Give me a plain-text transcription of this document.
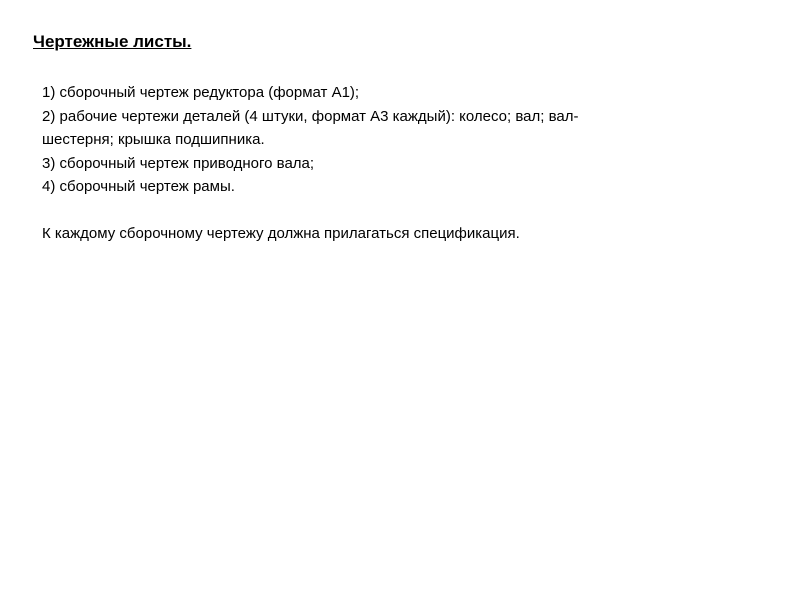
Чертежные листы.
1) сборочный чертеж редуктора (формат А1);
2) рабочие чертежи деталей (4 штуки, формат А3 каждый): колесо; вал; вал-
шестерня; крышка подшипника.
3) сборочный чертеж приводного вала;
4) сборочный чертеж рамы.
К каждому сборочному чертежу должна прилагаться спецификация.
